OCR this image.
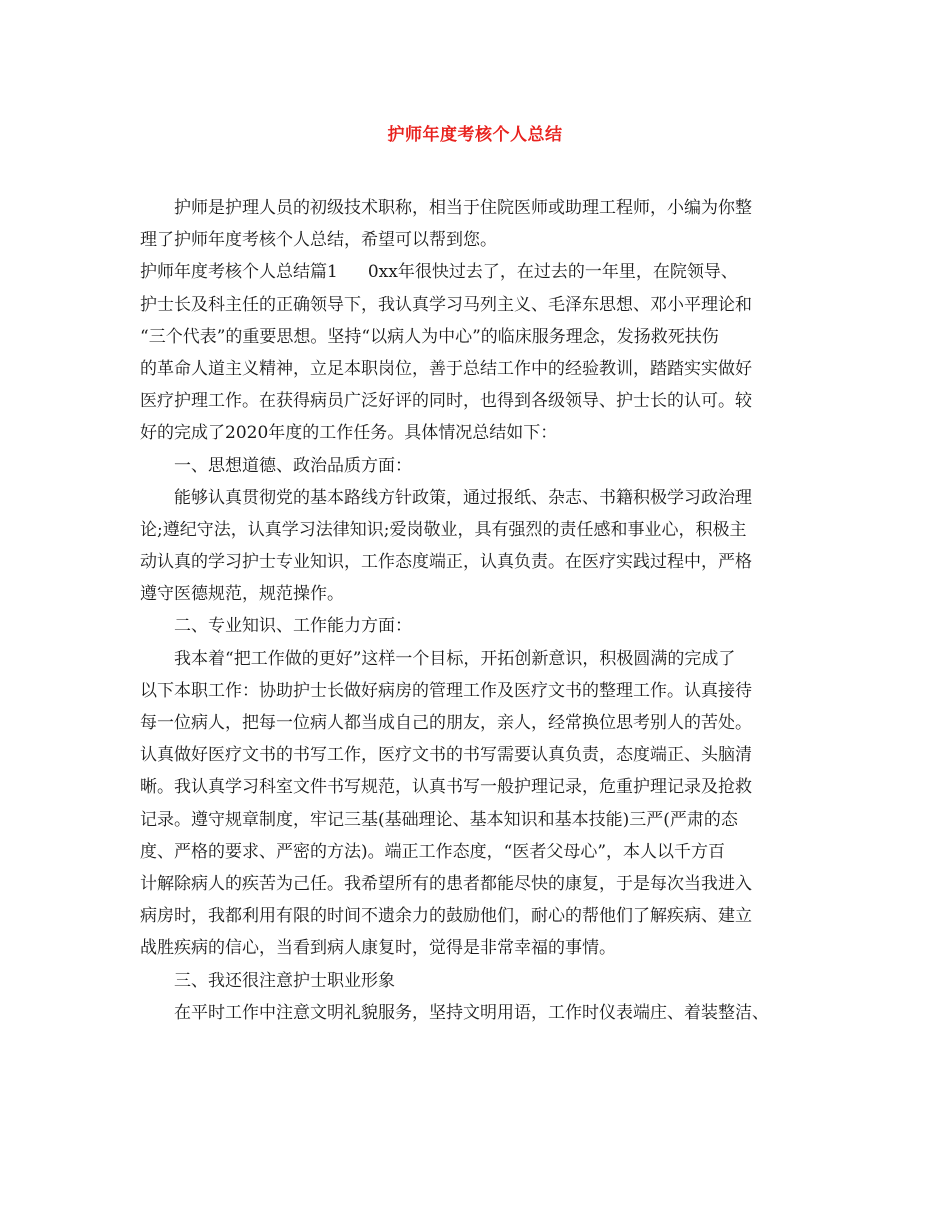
护师年度考核个人总结
护师是护理人员的初级技术职称，相当于住院医师或助理工程师，小编为你整
理了护师年度考核个人总结，希望可以帮到您。
护师年度考核个人总结篇1 0xx年很快过去了，在过去的一年里，在院领导、
护士长及科主任的正确领导下，我认真学习马列主义、毛泽东思想、邓小平理论和
“三个代表”的重要思想。坚持“以病人为中心”的临床服务理念，发扬救死扶伤
的革命人道主义精神，立足本职岗位，善于总结工作中的经验教训，踏踏实实做好
医疗护理工作。在获得病员广泛好评的同时，也得到各级领导、护士长的认可。较
好的完成了2020年度的工作任务。具体情况总结如下：
一、思想道德、政治品质方面：
能够认真贯彻党的基本路线方针政策，通过报纸、杂志、书籍积极学习政治理
论;遵纪守法，认真学习法律知识;爱岗敬业，具有强烈的责任感和事业心，积极主
动认真的学习护士专业知识，工作态度端正，认真负责。在医疗实践过程中，严格
遵守医德规范，规范操作。
二、专业知识、工作能力方面：
我本着“把工作做的更好”这样一个目标，开拓创新意识，积极圆满的完成了
以下本职工作：协助护士长做好病房的管理工作及医疗文书的整理工作。认真接待
每一位病人，把每一位病人都当成自己的朋友，亲人，经常换位思考别人的苦处。
认真做好医疗文书的书写工作，医疗文书的书写需要认真负责，态度端正、头脑清
晰。我认真学习科室文件书写规范，认真书写一般护理记录，危重护理记录及抢救
记录。遵守规章制度，牢记三基(基础理论、基本知识和基本技能)三严(严肃的态
度、严格的要求、严密的方法)。端正工作态度，“医者父母心”，本人以千方百
计解除病人的疾苦为己任。我希望所有的患者都能尽快的康复，于是每次当我进入
病房时，我都利用有限的时间不遗余力的鼓励他们，耐心的帮他们了解疾病、建立
战胜疾病的信心，当看到病人康复时，觉得是非常幸福的事情。
三、我还很注意护士职业形象
在平时工作中注意文明礼貌服务，坚持文明用语，工作时仪表端庄、着装整洁、
